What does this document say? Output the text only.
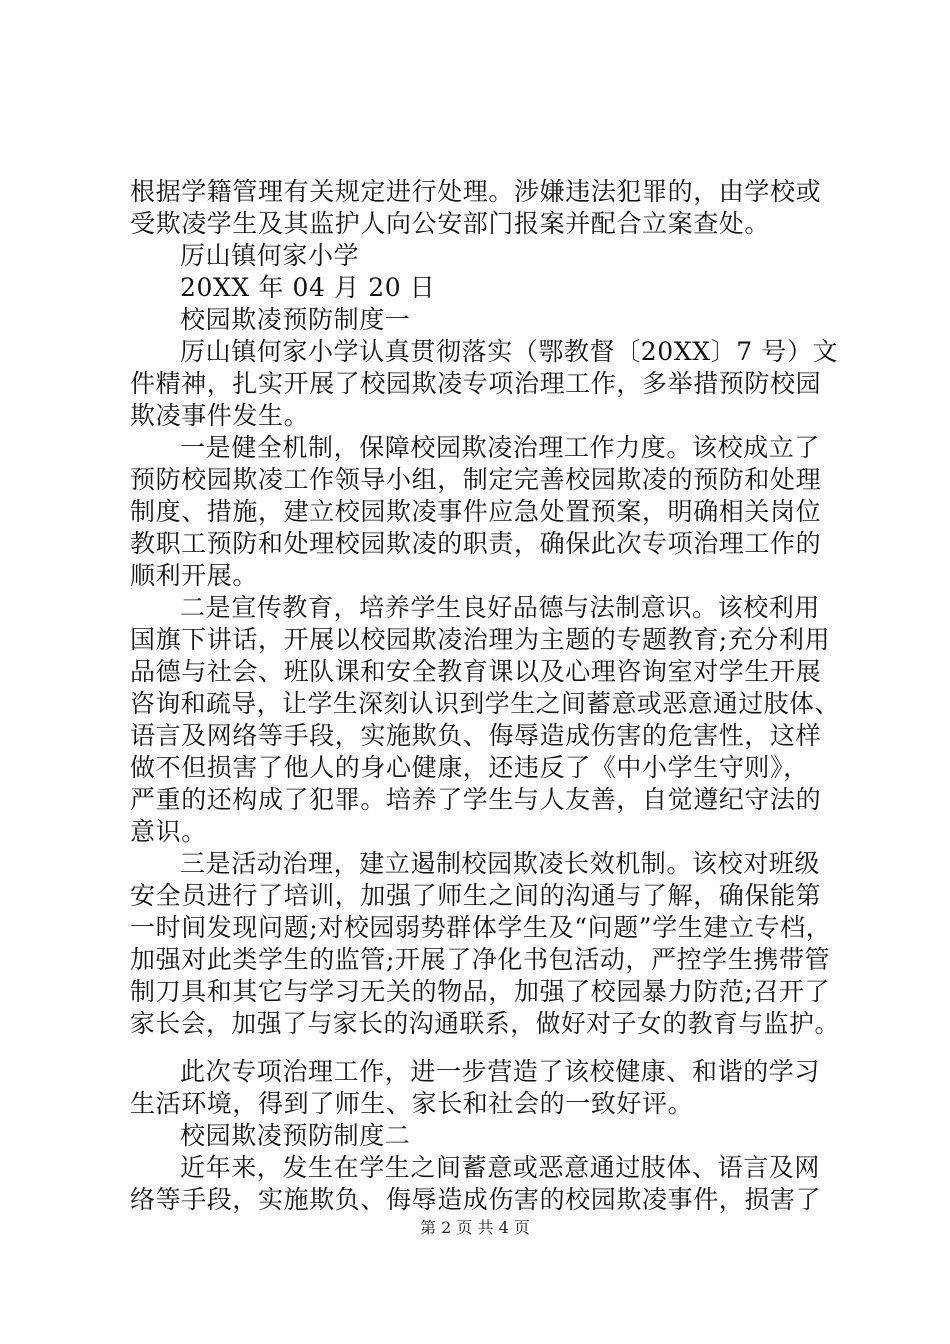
根据学籍管理有关规定进行处理。涉嫌违法犯罪的，由学校或
受欺凌学生及其监护人向公安部门报案并配合立案查处。
厉山镇何家小学
20XX 年 04 月 20 日
校园欺凌预防制度一
厉山镇何家小学认真贯彻落实（鄂教督〔20XX〕7 号）文
件精神，扎实开展了校园欺凌专项治理工作，多举措预防校园
欺凌事件发生。
一是健全机制，保障校园欺凌治理工作力度。该校成立了
预防校园欺凌工作领导小组，制定完善校园欺凌的预防和处理
制度、措施，建立校园欺凌事件应急处置预案，明确相关岗位
教职工预防和处理校园欺凌的职责，确保此次专项治理工作的
顺利开展。
二是宣传教育，培养学生良好品德与法制意识。该校利用
国旗下讲话，开展以校园欺凌治理为主题的专题教育;充分利用
品德与社会、班队课和安全教育课以及心理咨询室对学生开展
咨询和疏导，让学生深刻认识到学生之间蓄意或恶意通过肢体、
语言及网络等手段，实施欺负、侮辱造成伤害的危害性，这样
做不但损害了他人的身心健康，还违反了《中小学生守则》，
严重的还构成了犯罪。培养了学生与人友善，自觉遵纪守法的
意识。
三是活动治理，建立遏制校园欺凌长效机制。该校对班级
安全员进行了培训，加强了师生之间的沟通与了解，确保能第
一时间发现问题;对校园弱势群体学生及“问题”学生建立专档，
加强对此类学生的监管;开展了净化书包活动，严控学生携带管
制刀具和其它与学习无关的物品，加强了校园暴力防范;召开了
家长会，加强了与家长的沟通联系，做好对子女的教育与监护。
此次专项治理工作，进一步营造了该校健康、和谐的学习
生活环境，得到了师生、家长和社会的一致好评。
校园欺凌预防制度二
近年来，发生在学生之间蓄意或恶意通过肢体、语言及网
络等手段，实施欺负、侮辱造成伤害的校园欺凌事件，损害了
第 2 页 共 4 页
